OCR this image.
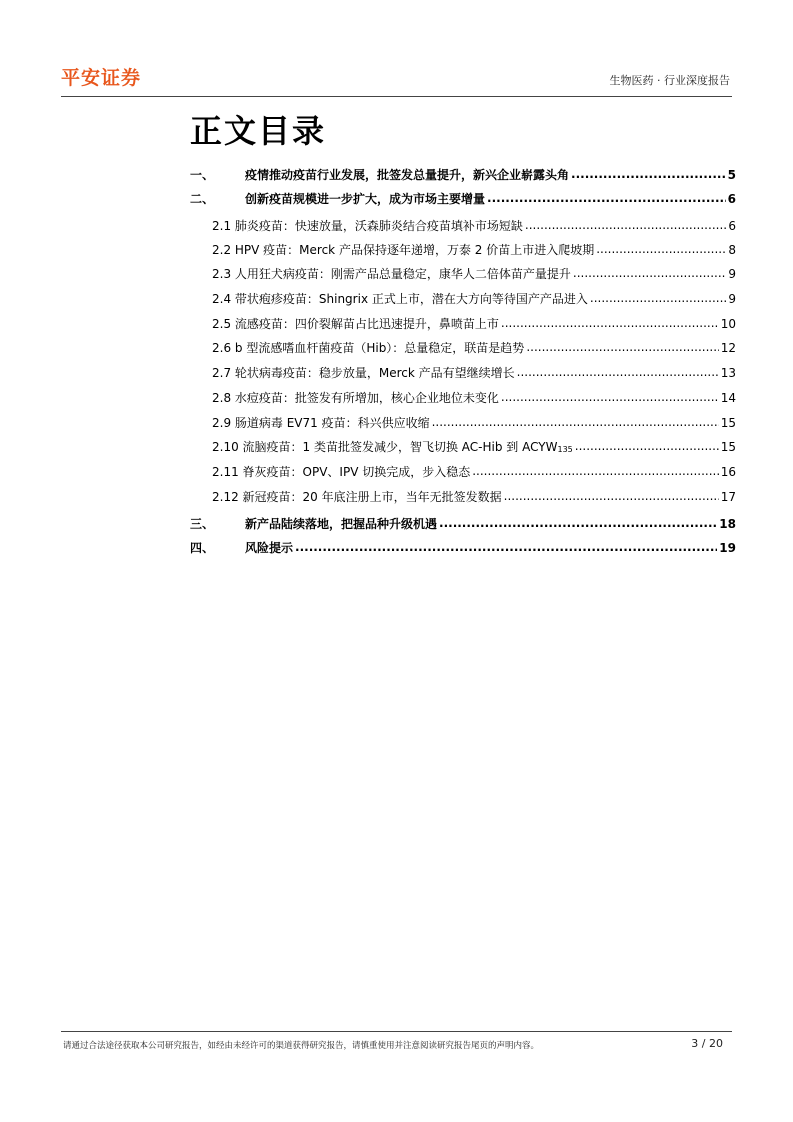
平安证券	生物医药 · 行业深度报告
正文目录
一、	疫情推动疫苗行业发展，批签发总量提升，新兴企业崭露头角 .....	5
二、	创新疫苗规模进一步扩大，成为市场主要增量 .....	6
2.1 肺炎疫苗：快速放量，沃森肺炎结合疫苗填补市场短缺 .....	6
2.2 HPV 疫苗：Merck 产品保持逐年递增，万泰 2 价苗上市进入爬坡期 .....	8
2.3 人用狂犬病疫苗：刚需产品总量稳定，康华人二倍体苗产量提升 .....	9
2.4 带状疱疹疫苗：Shingrix 正式上市，潜在大方向等待国产产品进入 .....	9
2.5 流感疫苗：四价裂解苗占比迅速提升，鼻喷苗上市 .....	10
2.6 b 型流感嗜血杆菌疫苗（Hib）：总量稳定，联苗是趋势 .....	12
2.7 轮状病毒疫苗：稳步放量，Merck 产品有望继续增长 .....	13
2.8 水痘疫苗：批签发有所增加，核心企业地位未变化 .....	14
2.9 肠道病毒 EV71 疫苗：科兴供应收缩 .....	15
2.10 流脑疫苗：1 类苗批签发减少，智飞切换 AC-Hib 到 $ACYW_{135}$ .....	15
2.11 脊灰疫苗：OPV、IPV 切换完成，步入稳态 .....	16
2.12 新冠疫苗：20 年底注册上市，当年无批签发数据 .....	17
三、	新产品陆续落地，把握品种升级机遇 .....	18
四、	风险提示 .....	19
请通过合法途径获取本公司研究报告，如经由未经许可的渠道获得研究报告，请慎重使用并注意阅读研究报告尾页的声明内容。	3 / 20
